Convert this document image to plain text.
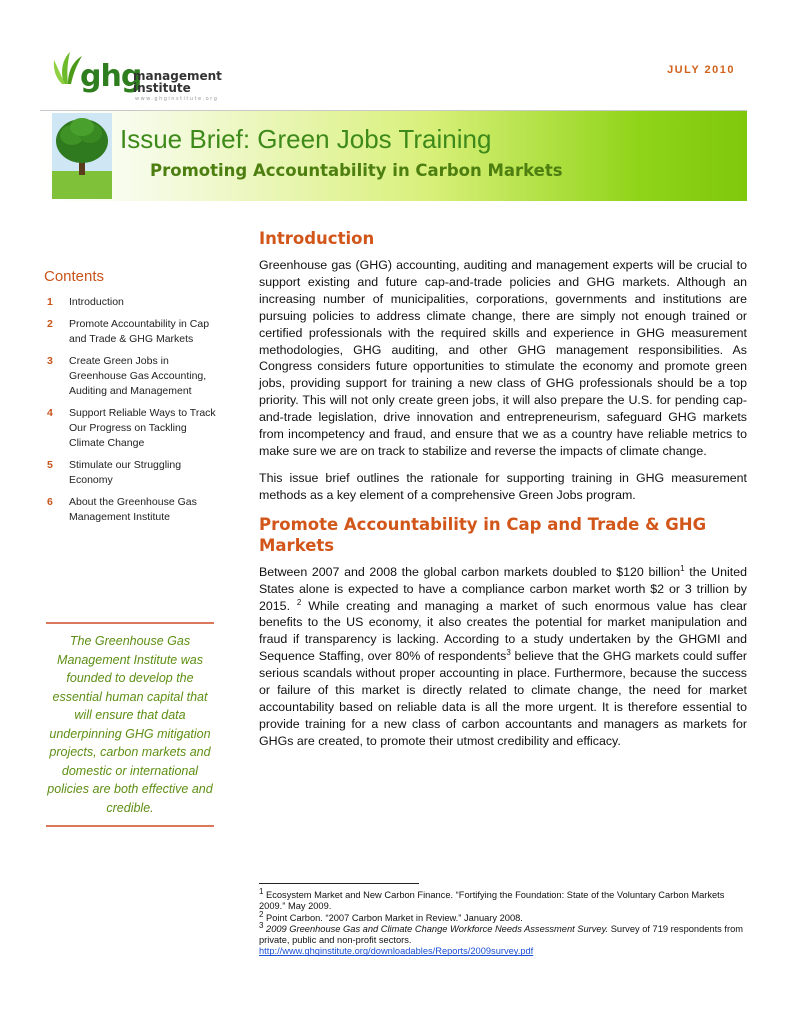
ghg
management
institute
www.ghginstitute.org
JULY 2010
Issue Brief: Green Jobs Training
Promoting Accountability in Carbon Markets
Contents
1	Introduction
2	Promote Accountability in Cap and Trade & GHG Markets
3	Create Green Jobs in Greenhouse Gas Accounting, Auditing and Management
4	Support Reliable Ways to Track Our Progress on Tackling Climate Change
5	Stimulate our Struggling Economy
6	About the Greenhouse Gas Management Institute
The Greenhouse Gas Management Institute was founded to develop the essential human capital that will ensure that data underpinning GHG mitigation projects, carbon markets and domestic or international policies are both effective and credible.
Introduction

Greenhouse gas (GHG) accounting, auditing and management experts will be crucial to support existing and future cap-and-trade policies and GHG markets. Although an increasing number of municipalities, corporations, governments and institutions are pursuing policies to address climate change, there are simply not enough trained or certified professionals with the required skills and experience in GHG measurement methodologies, GHG auditing, and other GHG management responsibilities. As Congress considers future opportunities to stimulate the economy and promote green jobs, providing support for training a new class of GHG professionals should be a top priority. This will not only create green jobs, it will also prepare the U.S. for pending cap-and-trade legislation, drive innovation and entrepreneurism, safeguard GHG markets from incompetency and fraud, and ensure that we as a country have reliable metrics to make sure we are on track to stabilize and reverse the impacts of climate change.

This issue brief outlines the rationale for supporting training in GHG measurement methods as a key element of a comprehensive Green Jobs program.

Promote Accountability in Cap and Trade & GHG Markets

Between 2007 and 2008 the global carbon markets doubled to $120 billion$^1$ the United States alone is expected to have a compliance carbon market worth $2 or 3 trillion by 2015. $^2$ While creating and managing a market of such enormous value has clear benefits to the US economy, it also creates the potential for market manipulation and fraud if transparency is lacking. According to a study undertaken by the GHGMI and Sequence Staffing, over 80% of respondents$^3$ believe that the GHG markets could suffer serious scandals without proper accounting in place. Furthermore, because the success or failure of this market is directly related to climate change, the need for market accountability based on reliable data is all the more urgent. It is therefore essential to provide training for a new class of carbon accountants and managers as markets for GHGs are created, to promote their utmost credibility and efficacy.

$^1$ Ecosystem Market and New Carbon Finance. “Fortifying the Foundation: State of the Voluntary Carbon Markets 2009.” May 2009.
$^2$ Point Carbon. “2007 Carbon Market in Review.” January 2008.
$^3$ 2009 Greenhouse Gas and Climate Change Workforce Needs Assessment Survey. Survey of 719 respondents from private, public and non-profit sectors.
http://www.ghginstitute.org/downloadables/Reports/2009survey.pdf
